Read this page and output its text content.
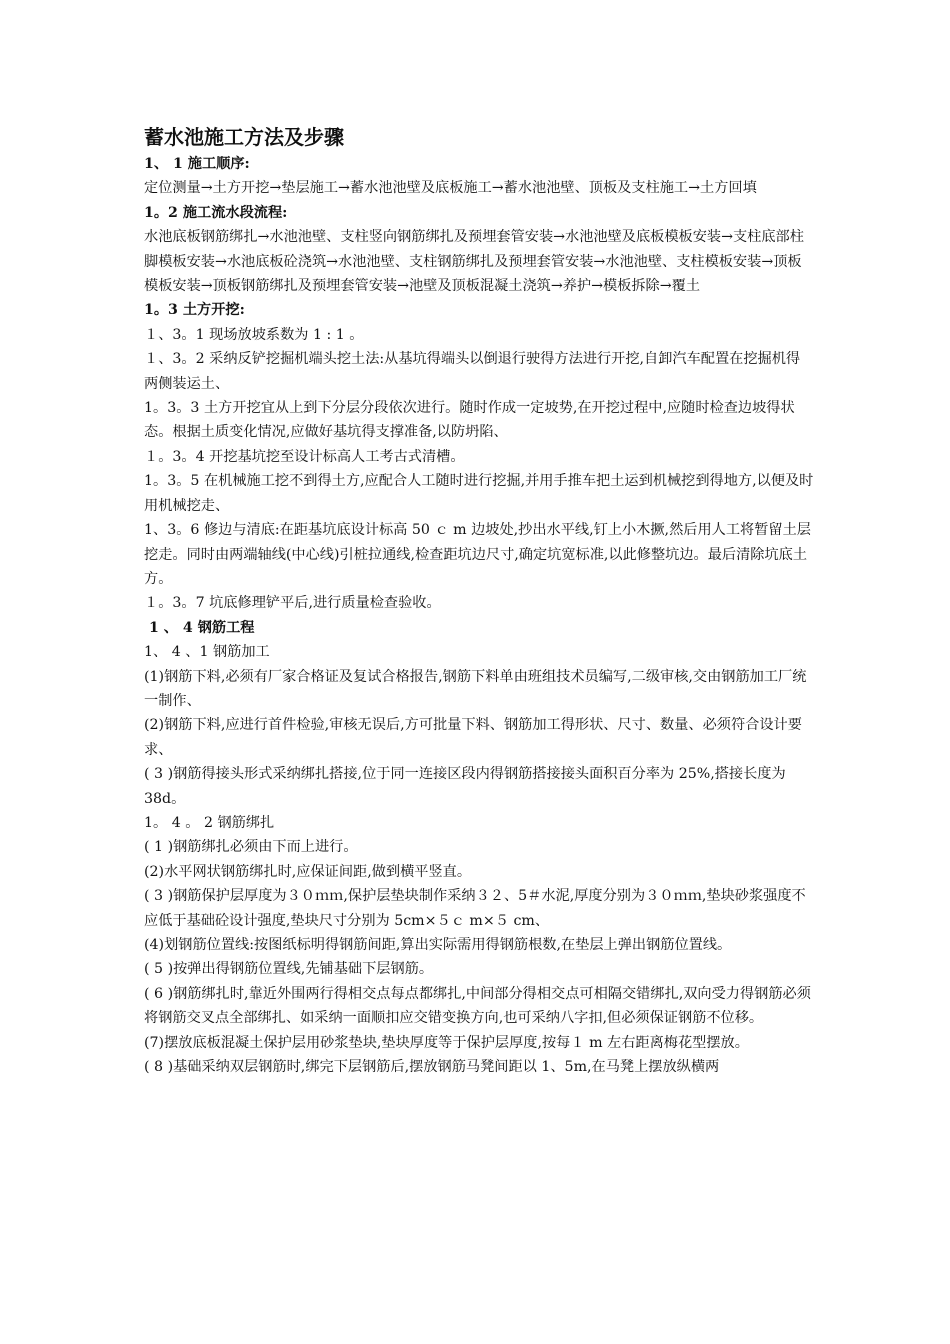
蓄水池施工方法及步骤

1、 1 施工顺序:

定位测量→土方开挖→垫层施工→蓄水池池壁及底板施工→蓄水池池壁、顶板及支柱施工→土方回填

1。2 施工流水段流程:

水池底板钢筋绑扎→水池池壁、支柱竖向钢筋绑扎及预埋套管安装→水池池壁及底板模板安装→支柱底部柱脚模板安装→水池底板砼浇筑→水池池壁、支柱钢筋绑扎及预埋套管安装→水池池壁、支柱模板安装→顶板模板安装→顶板钢筋绑扎及预埋套管安装→池壁及顶板混凝土浇筑→养护→模板拆除→覆土

1。3 土方开挖:

１、3。1 现场放坡系数为 1 : 1 。

１、3。2 采纳反铲挖掘机端头挖土法:从基坑得端头以倒退行驶得方法进行开挖,自卸汽车配置在挖掘机得两侧装运土、

1。3。3 土方开挖宜从上到下分层分段依次进行。随时作成一定坡势,在开挖过程中,应随时检查边坡得状态。根据土质变化情况,应做好基坑得支撑准备,以防坍陷、

１。3。4 开挖基坑挖至设计标高人工考古式清槽。

1。3。5 在机械施工挖不到得土方,应配合人工随时进行挖掘,并用手推车把土运到机械挖到得地方,以便及时用机械挖走、

1、3。6 修边与清底:在距基坑底设计标高 50 ｃ m 边坡处,抄出水平线,钉上小木撅,然后用人工将暂留土层挖走。同时由两端轴线(中心线)引桩拉通线,检查距坑边尺寸,确定坑宽标准,以此修整坑边。最后清除坑底土方。

１。3。7 坑底修理铲平后,进行质量检查验收。

1 、 4 钢筋工程

1、 4 、1 钢筋加工

(1)钢筋下料,必须有厂家合格证及复试合格报告,钢筋下料单由班组技术员编写,二级审核,交由钢筋加工厂统一制作、

(2)钢筋下料,应进行首件检验,审核无误后,方可批量下料、钢筋加工得形状、尺寸、数量、必须符合设计要求、

( 3 )钢筋得接头形式采纳绑扎搭接,位于同一连接区段内得钢筋搭接接头面积百分率为 25%,搭接长度为 38d。

1。 4 。 2 钢筋绑扎

( 1 )钢筋绑扎必须由下而上进行。

(2)水平网状钢筋绑扎时,应保证间距,做到横平竖直。

( 3 )钢筋保护层厚度为３０ｍｍ,保护层垫块制作采纳３２、5＃水泥,厚度分别为３０ｍｍ,垫块砂浆强度不应低于基础砼设计强度,垫块尺寸分别为 5cm×５ｃ m×５ cm、

(4)划钢筋位置线:按图纸标明得钢筋间距,算出实际需用得钢筋根数,在垫层上弹出钢筋位置线。

( 5 )按弹出得钢筋位置线,先铺基础下层钢筋。

( 6 )钢筋绑扎时,靠近外围两行得相交点每点都绑扎,中间部分得相交点可相隔交错绑扎,双向受力得钢筋必须将钢筋交叉点全部绑扎、如采纳一面顺扣应交错变换方向,也可采纳八字扣,但必须保证钢筋不位移。

(7)摆放底板混凝土保护层用砂浆垫块,垫块厚度等于保护层厚度,按每１ m 左右距离梅花型摆放。

( 8 )基础采纳双层钢筋时,绑完下层钢筋后,摆放钢筋马凳间距以 1、5m,在马凳上摆放纵横两
